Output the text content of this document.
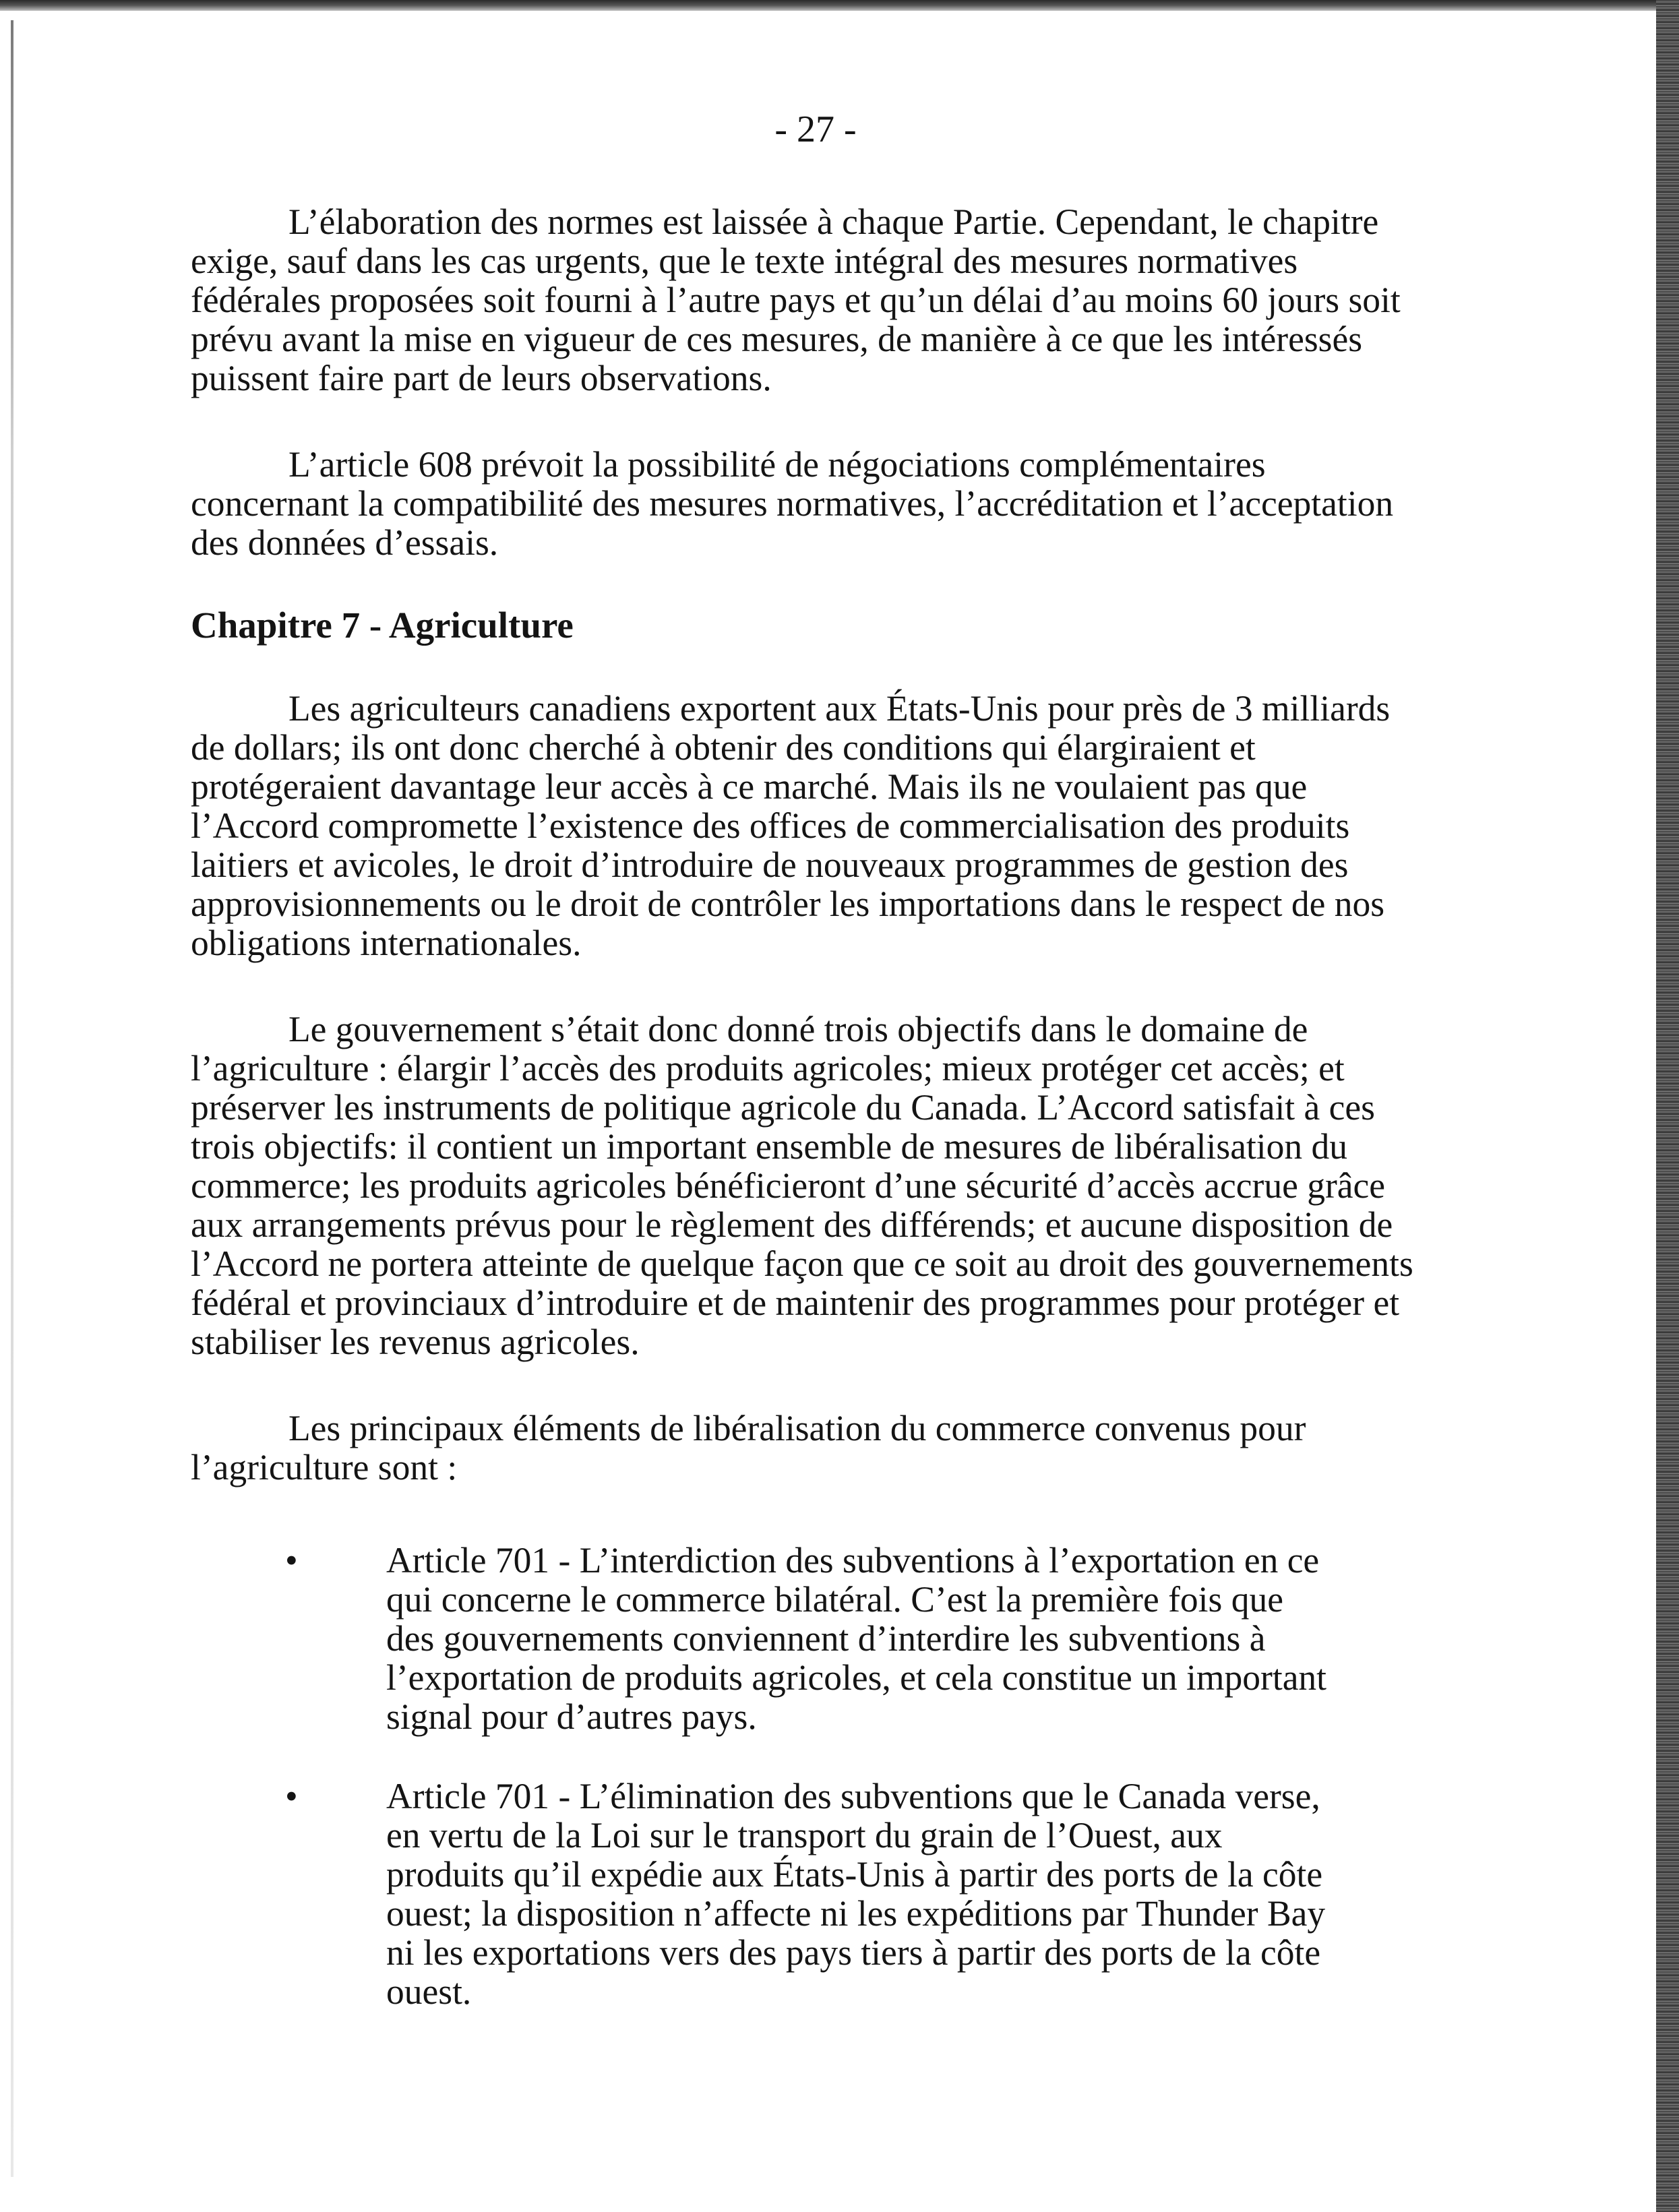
- 27 -

L’élaboration des normes est laissée à chaque Partie. Cependant, le chapitre exige, sauf dans les cas urgents, que le texte intégral des mesures normatives fédérales proposées soit fourni à l’autre pays et qu’un délai d’au moins 60 jours soit prévu avant la mise en vigueur de ces mesures, de manière à ce que les intéressés puissent faire part de leurs observations.

L’article 608 prévoit la possibilité de négociations complémentaires concernant la compatibilité des mesures normatives, l’accréditation et l’acceptation des données d’essais.

Chapitre 7 - Agriculture

Les agriculteurs canadiens exportent aux États-Unis pour près de 3 milliards de dollars; ils ont donc cherché à obtenir des conditions qui élargiraient et protégeraient davantage leur accès à ce marché. Mais ils ne voulaient pas que l’Accord compromette l’existence des offices de commercialisation des produits laitiers et avicoles, le droit d’introduire de nouveaux programmes de gestion des approvisionnements ou le droit de contrôler les importations dans le respect de nos obligations internationales.

Le gouvernement s’était donc donné trois objectifs dans le domaine de l’agriculture : élargir l’accès des produits agricoles; mieux protéger cet accès; et préserver les instruments de politique agricole du Canada. L’Accord satisfait à ces trois objectifs: il contient un important ensemble de mesures de libéralisation du commerce; les produits agricoles bénéficieront d’une sécurité d’accès accrue grâce aux arrangements prévus pour le règlement des différends; et aucune disposition de l’Accord ne portera atteinte de quelque façon que ce soit au droit des gouvernements fédéral et provinciaux d’introduire et de maintenir des programmes pour protéger et stabiliser les revenus agricoles.

Les principaux éléments de libéralisation du commerce convenus pour l’agriculture sont :

• Article 701 - L’interdiction des subventions à l’exportation en ce qui concerne le commerce bilatéral. C’est la première fois que des gouvernements conviennent d’interdire les subventions à l’exportation de produits agricoles, et cela constitue un important signal pour d’autres pays.

• Article 701 - L’élimination des subventions que le Canada verse, en vertu de la Loi sur le transport du grain de l’Ouest, aux produits qu’il expédie aux États-Unis à partir des ports de la côte ouest; la disposition n’affecte ni les expéditions par Thunder Bay ni les exportations vers des pays tiers à partir des ports de la côte ouest.
